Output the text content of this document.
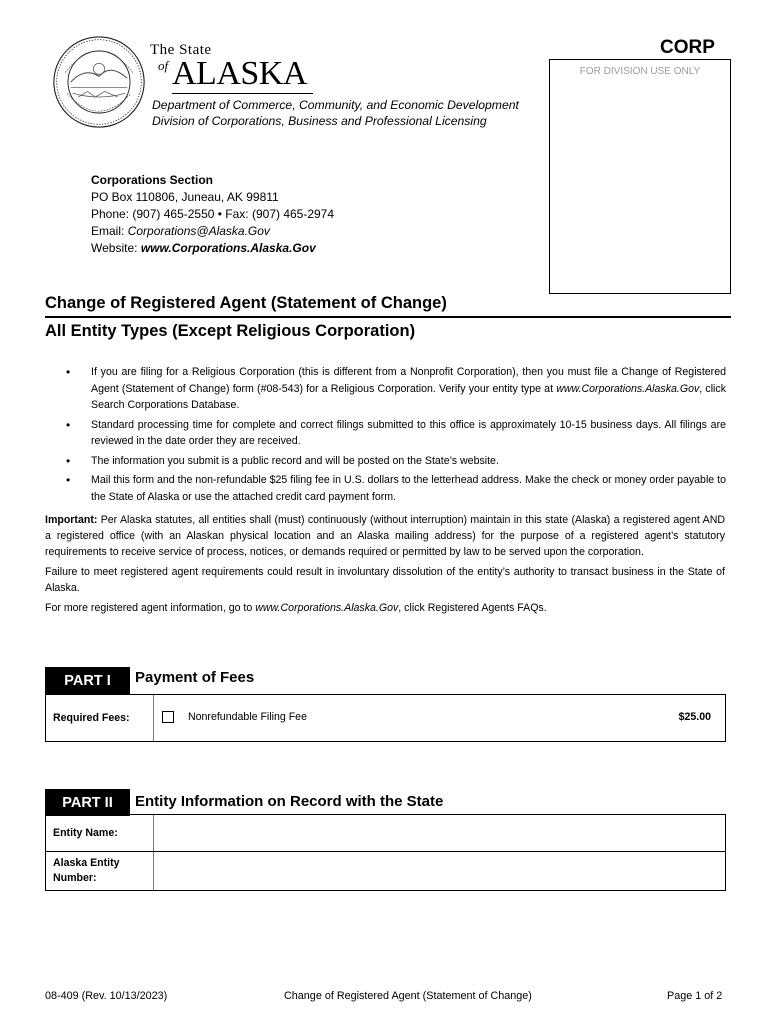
The State
of ALASKA
Department of Commerce, Community, and Economic Development
Division of Corporations, Business and Professional Licensing
CORP
FOR DIVISION USE ONLY
Corporations Section
PO Box 110806, Juneau, AK 99811
Phone: (907) 465-2550 • Fax: (907) 465-2974
Email: Corporations@Alaska.Gov
Website: www.Corporations.Alaska.Gov
Change of Registered Agent (Statement of Change)
All Entity Types (Except Religious Corporation)
• If you are filing for a Religious Corporation (this is different from a Nonprofit Corporation), then you must file a Change of Registered Agent (Statement of Change) form (#08-543) for a Religious Corporation. Verify your entity type at www.Corporations.Alaska.Gov, click Search Corporations Database.
• Standard processing time for complete and correct filings submitted to this office is approximately 10-15 business days. All filings are reviewed in the date order they are received.
• The information you submit is a public record and will be posted on the State’s website.
• Mail this form and the non-refundable $25 filing fee in U.S. dollars to the letterhead address. Make the check or money order payable to the State of Alaska or use the attached credit card payment form.

Important: Per Alaska statutes, all entities shall (must) continuously (without interruption) maintain in this state (Alaska) a registered agent AND a registered office (with an Alaskan physical location and an Alaska mailing address) for the purpose of a registered agent’s statutory requirements to receive service of process, notices, or demands required or permitted by law to be served upon the corporation.

Failure to meet registered agent requirements could result in involuntary dissolution of the entity’s authority to transact business in the State of Alaska.

For more registered agent information, go to www.Corporations.Alaska.Gov, click Registered Agents FAQs.

PART I	Payment of Fees
Required Fees:	Nonrefundable Filing Fee	$25.00
PART II	Entity Information on Record with the State
Entity Name:
Alaska Entity
Number:
08-409 (Rev. 10/13/2023)	Change of Registered Agent (Statement of Change)	Page 1 of 2
